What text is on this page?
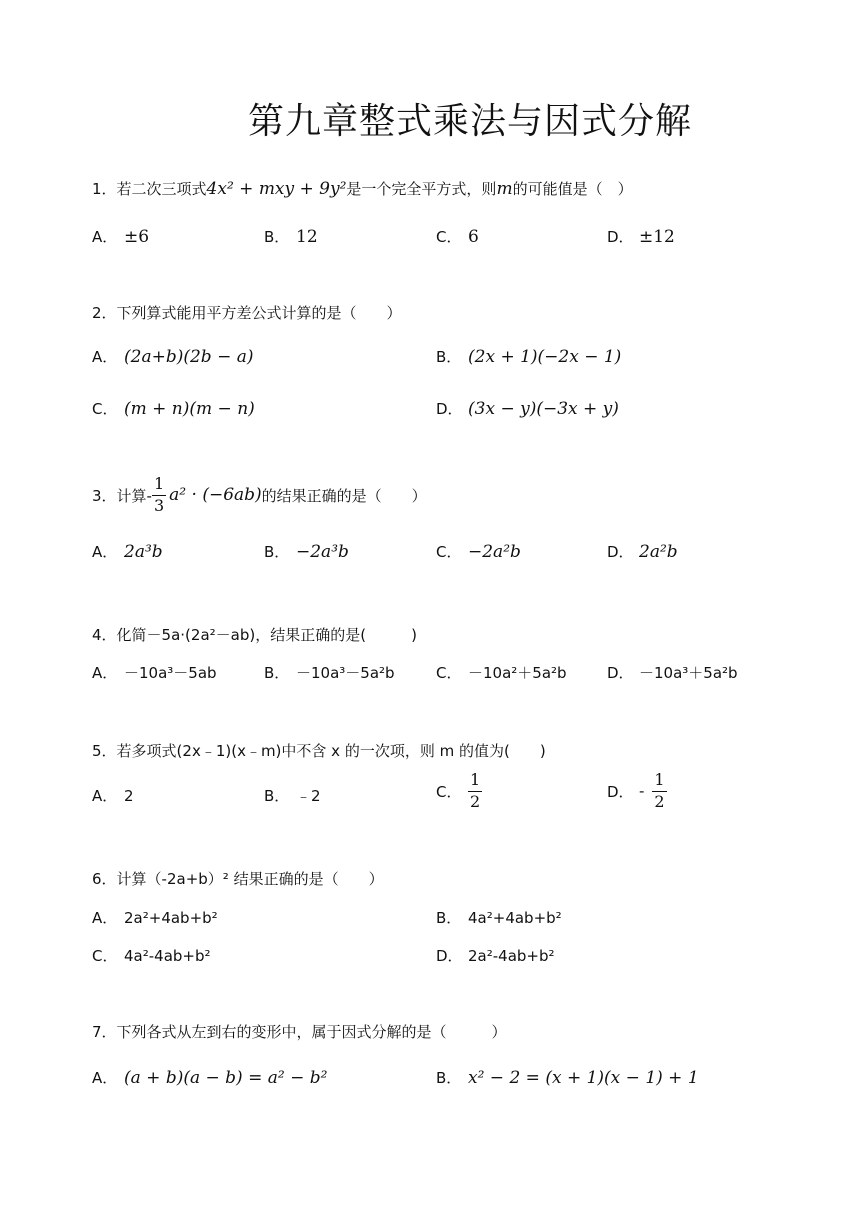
第九章整式乘法与因式分解
1．若二次三项式4x² + mxy + 9y²是一个完全平方式，则m的可能值是（　）
A． ±6	B． 12	C． 6	D． ±12
2．下列算式能用平方差公式计算的是（　　）
A． (2a+b)(2b − a)	B． (2x + 1)(−2x − 1)
C． (m + n)(m − n)	D． (3x − y)(−3x + y)
3．计算- $\frac{1}{3} a^2 \cdot (-6ab)$ 的结果正确的是（　　）
A． 2a³b	B． −2a³b	C． −2a²b	D． 2a²b
4．化简－5a·(2a²－ab)，结果正确的是(　　　)
A． －10a³－5ab	B． －10a³－5a²b	C． －10a²＋5a²b	D． －10a³＋5a²b
5．若多项式(2x﹣1)(x﹣m)中不含 x 的一次项，则 m 的值为(　　)
A． 2	B． ﹣2	C． $\frac{1}{2}$	D． - $\frac{1}{2}$
6．计算（-2a+b）² 结果正确的是（　　）
A． 2a²+4ab+b²	B． 4a²+4ab+b²
C． 4a²-4ab+b²	D． 2a²-4ab+b²
7．下列各式从左到右的变形中，属于因式分解的是（　　　）
A． (a + b)(a − b) = a² − b²	B． x² − 2 = (x + 1)(x − 1) + 1
